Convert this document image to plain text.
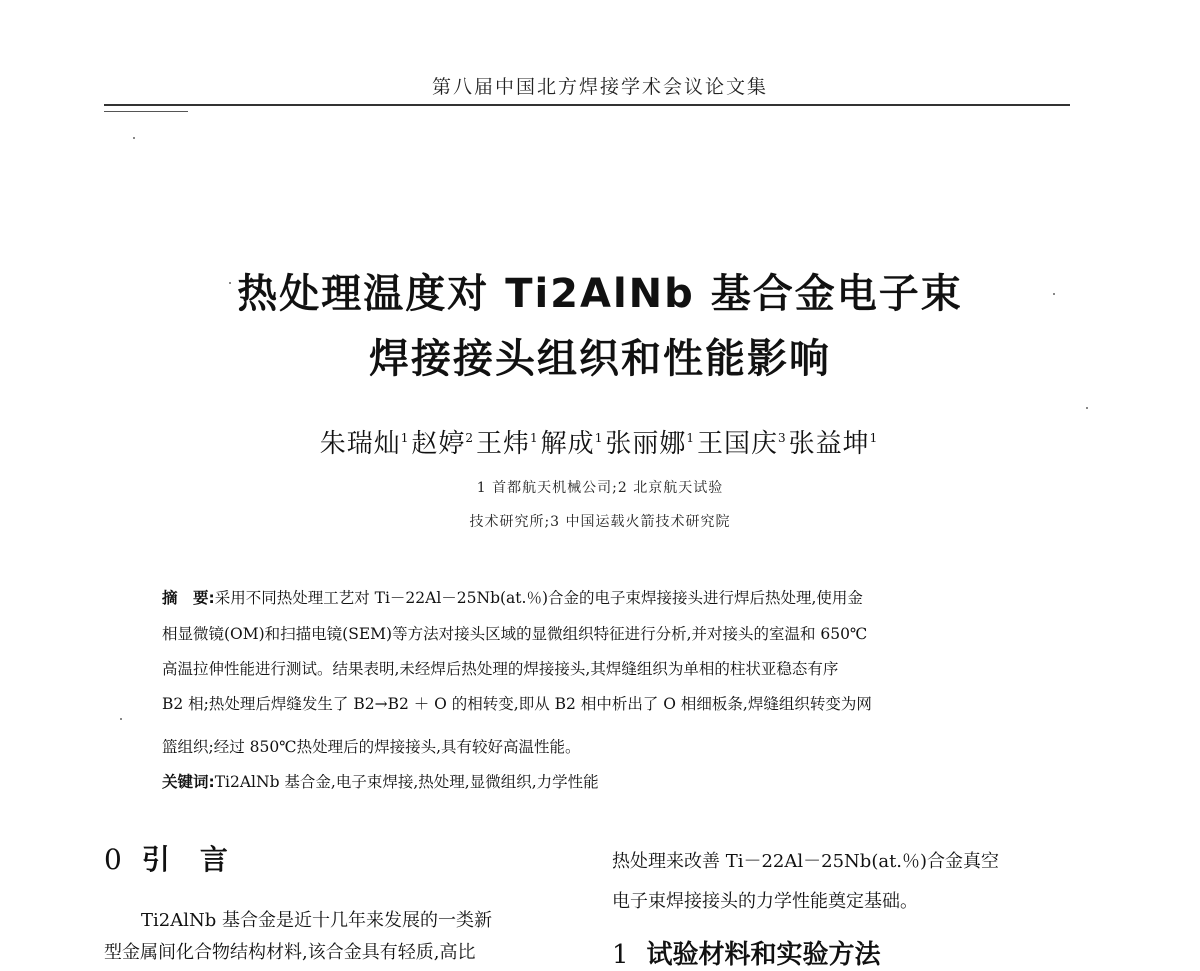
第八届中国北方焊接学术会议论文集
热处理温度对 Ti2AlNb 基合金电子束
焊接接头组织和性能影响
朱瑞灿$^1$赵婷$^2$王炜$^1$解成$^1$张丽娜$^1$王国庆$^3$张益坤$^1$
1 首都航天机械公司;2 北京航天试验
技术研究所;3 中国运载火箭技术研究院
摘　要:采用不同热处理工艺对 Ti－22Al－25Nb(at.％)合金的电子束焊接接头进行焊后热处理,使用金
相显微镜(OM)和扫描电镜(SEM)等方法对接头区域的显微组织特征进行分析,并对接头的室温和 650℃
高温拉伸性能进行测试。结果表明,未经焊后热处理的焊接接头,其焊缝组织为单相的柱状亚稳态有序
B2 相;热处理后焊缝发生了 B2→B2 ＋ O 的相转变,即从 B2 相中析出了 O 相细板条,焊缝组织转变为网
篮组织;经过 850℃热处理后的焊接接头,具有较好高温性能。
关键词:Ti2AlNb 基合金,电子束焊接,热处理,显微组织,力学性能
0 引言
Ti2AlNb 基合金是近十几年来发展的一类新
型金属间化合物结构材料,该合金具有轻质,高比
热处理来改善 Ti－22Al－25Nb(at.％)合金真空
电子束焊接接头的力学性能奠定基础。
1 试验材料和实验方法
